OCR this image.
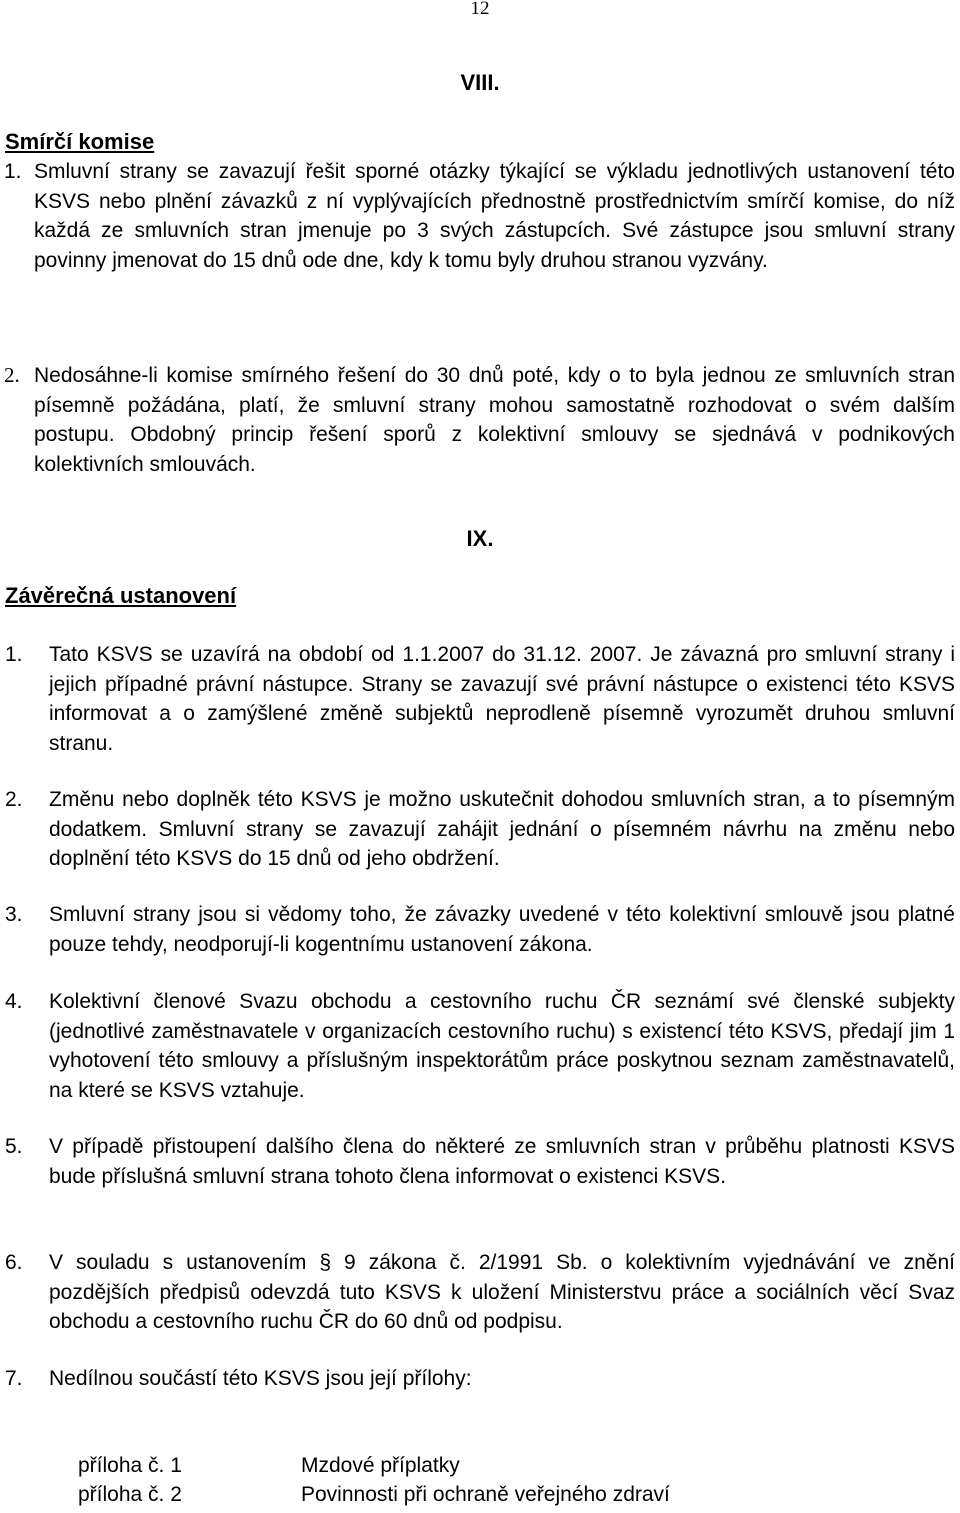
12
VIII.
Smírčí komise
1. Smluvní strany se zavazují řešit sporné otázky týkající se výkladu jednotlivých ustanovení této KSVS nebo plnění závazků z ní vyplývajících přednostně prostřednictvím smírčí komise, do níž každá ze smluvních stran jmenuje po 3 svých zástupcích. Své zástupce jsou smluvní strany povinny jmenovat do 15 dnů ode dne, kdy k tomu byly druhou stranou vyzvány.
2. Nedosáhne-li komise smírného řešení do 30 dnů poté, kdy o to byla jednou ze smluvních stran písemně požádána, platí, že smluvní strany mohou samostatně rozhodovat o svém dalším postupu. Obdobný princip řešení sporů z kolektivní smlouvy se sjednává v podnikových kolektivních smlouvách.
IX.
Závěrečná ustanovení
1. Tato KSVS se uzavírá na období od 1.1.2007 do 31.12. 2007. Je závazná pro smluvní strany i jejich případné právní nástupce. Strany se zavazují své právní nástupce o existenci této KSVS informovat a o zamýšlené změně subjektů neprodleně písemně vyrozumět druhou smluvní stranu.
2. Změnu nebo doplněk této KSVS je možno uskutečnit dohodou smluvních stran, a to písemným dodatkem. Smluvní strany se zavazují zahájit jednání o písemném návrhu na změnu nebo doplnění této KSVS do 15 dnů od jeho obdržení.
3. Smluvní strany jsou si vědomy toho, že závazky uvedené v této kolektivní smlouvě jsou platné pouze tehdy, neodporují-li kogentnímu ustanovení zákona.
4. Kolektivní členové Svazu obchodu a cestovního ruchu ČR seznámí své členské subjekty (jednotlivé zaměstnavatele v organizacích cestovního ruchu) s existencí této KSVS, předají jim 1 vyhotovení této smlouvy a příslušným inspektorátům práce poskytnou seznam zaměstnavatelů, na které se KSVS vztahuje.
5. V případě přistoupení dalšího člena do některé ze smluvních stran v průběhu platnosti KSVS bude příslušná smluvní strana tohoto člena informovat o existenci KSVS.
6. V souladu s ustanovením § 9 zákona č. 2/1991 Sb. o kolektivním vyjednávání ve znění pozdějších předpisů odevzdá tuto KSVS k uložení Ministerstvu práce a sociálních věcí Svaz obchodu a cestovního ruchu ČR do 60 dnů od podpisu.
7. Nedílnou součástí této KSVS jsou její přílohy:
příloha č. 1	Mzdové příplatky
příloha č. 2	Povinnosti při ochraně veřejného zdraví
